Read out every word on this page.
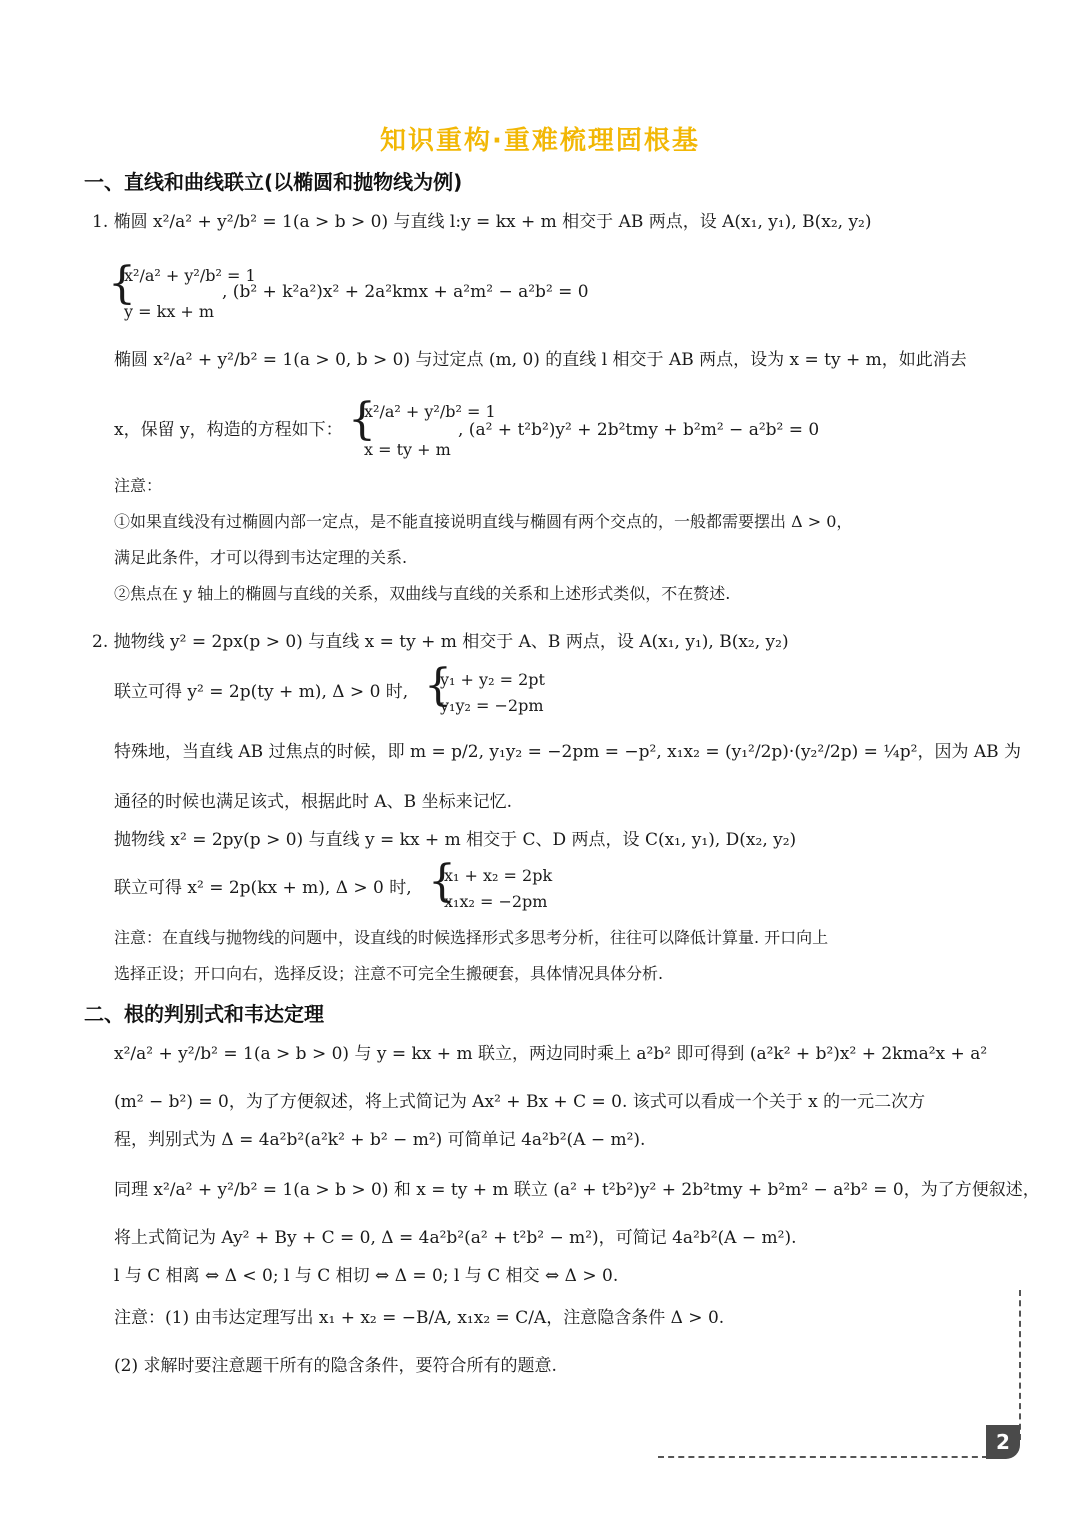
知识重构·重难梳理固根基
一、直线和曲线联立(以椭圆和抛物线为例)
1. 椭圆 x²/a² + y²/b² = 1(a > b > 0) 与直线 l:y = kx + m 相交于 AB 两点，设 A(x₁, y₁), B(x₂, y₂)
{
x²/a² + y²/b² = 1
y = kx + m
, (b² + k²a²)x² + 2a²kmx + a²m² − a²b² = 0
椭圆 x²/a² + y²/b² = 1(a > 0, b > 0) 与过定点 (m, 0) 的直线 l 相交于 AB 两点，设为 x = ty + m，如此消去
x，保留 y，构造的方程如下： {
x²/a² + y²/b² = 1
x = ty + m
, (a² + t²b²)y² + 2b²tmy + b²m² − a²b² = 0
注意：
①如果直线没有过椭圆内部一定点，是不能直接说明直线与椭圆有两个交点的，一般都需要摆出 Δ > 0，
满足此条件，才可以得到韦达定理的关系.
②焦点在 y 轴上的椭圆与直线的关系，双曲线与直线的关系和上述形式类似，不在赘述.
2. 抛物线 y² = 2px(p > 0) 与直线 x = ty + m 相交于 A、B 两点，设 A(x₁, y₁), B(x₂, y₂)
联立可得 y² = 2p(ty + m), Δ > 0 时, {
y₁ + y₂ = 2pt
y₁y₂ = −2pm
特殊地，当直线 AB 过焦点的时候，即 m = p/2, y₁y₂ = −2pm = −p², x₁x₂ = (y₁²/2p)·(y₂²/2p) = ¼p²，因为 AB 为
通径的时候也满足该式，根据此时 A、B 坐标来记忆.
抛物线 x² = 2py(p > 0) 与直线 y = kx + m 相交于 C、D 两点，设 C(x₁, y₁), D(x₂, y₂)
联立可得 x² = 2p(kx + m), Δ > 0 时, {
x₁ + x₂ = 2pk
x₁x₂ = −2pm
注意：在直线与抛物线的问题中，设直线的时候选择形式多思考分析，往往可以降低计算量. 开口向上
选择正设；开口向右，选择反设；注意不可完全生搬硬套，具体情况具体分析.
二、根的判别式和韦达定理
x²/a² + y²/b² = 1(a > b > 0) 与 y = kx + m 联立，两边同时乘上 a²b² 即可得到 (a²k² + b²)x² + 2kma²x + a²
(m² − b²) = 0，为了方便叙述，将上式简记为 Ax² + Bx + C = 0. 该式可以看成一个关于 x 的一元二次方
程，判别式为 Δ = 4a²b²(a²k² + b² − m²) 可简单记 4a²b²(A − m²).
同理 x²/a² + y²/b² = 1(a > b > 0) 和 x = ty + m 联立 (a² + t²b²)y² + 2b²tmy + b²m² − a²b² = 0，为了方便叙述，
将上式简记为 Ay² + By + C = 0, Δ = 4a²b²(a² + t²b² − m²)，可简记 4a²b²(A − m²).
l 与 C 相离 ⇔ Δ < 0; l 与 C 相切 ⇔ Δ = 0; l 与 C 相交 ⇔ Δ > 0.
注意：(1) 由韦达定理写出 x₁ + x₂ = −B/A, x₁x₂ = C/A，注意隐含条件 Δ > 0.
(2) 求解时要注意题干所有的隐含条件，要符合所有的题意.
2
